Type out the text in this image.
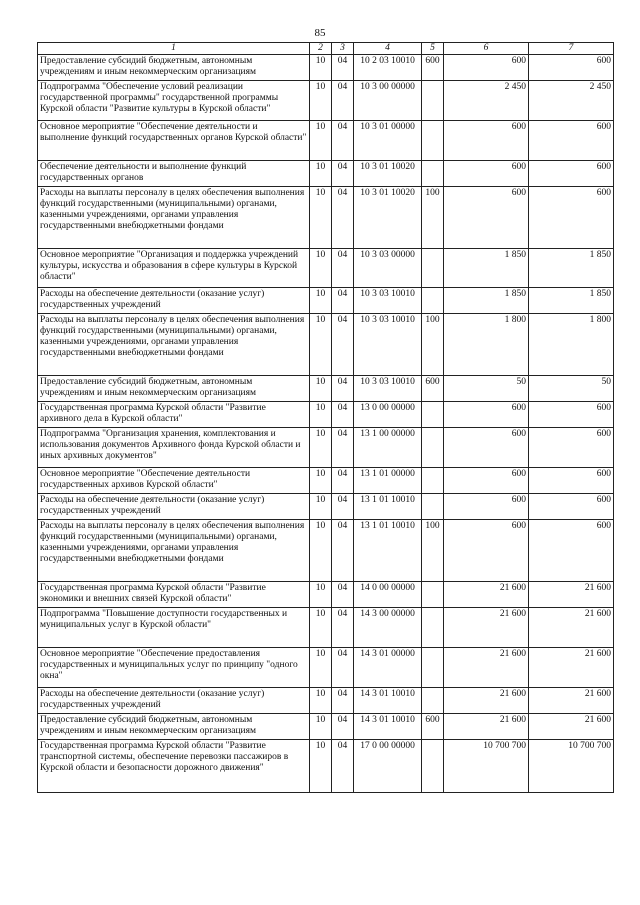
85
1	2	3	4	5	6	7
Предоставление субсидий бюджетным, автономным учреждениям и иным некоммерческим организациям	10	04	10 2 03 10010	600	600	600
Подпрограмма "Обеспечение условий реализации государственной программы" государственной программы Курской области "Развитие культуры в Курской области"	10	04	10 3 00 00000		2 450	2 450
Основное мероприятие "Обеспечение деятельности и выполнение функций государственных органов Курской области"	10	04	10 3 01 00000		600	600
Обеспечение деятельности и выполнение функций государственных органов	10	04	10 3 01 10020		600	600
Расходы на выплаты персоналу в целях обеспечения выполнения функций государственными (муниципальными) органами, казенными учреждениями, органами управления государственными внебюджетными фондами	10	04	10 3 01 10020	100	600	600
Основное мероприятие "Организация и поддержка учреждений культуры, искусства и образования в сфере культуры в Курской области"	10	04	10 3 03 00000		1 850	1 850
Расходы на обеспечение деятельности (оказание услуг) государственных учреждений	10	04	10 3 03 10010		1 850	1 850
Расходы на выплаты персоналу в целях обеспечения выполнения функций государственными (муниципальными) органами, казенными учреждениями, органами управления государственными внебюджетными фондами	10	04	10 3 03 10010	100	1 800	1 800
Предоставление субсидий бюджетным, автономным учреждениям и иным некоммерческим организациям	10	04	10 3 03 10010	600	50	50
Государственная программа Курской области "Развитие архивного дела в Курской области"	10	04	13 0 00 00000		600	600
Подпрограмма "Организация хранения, комплектования и использования документов Архивного фонда Курской области и иных архивных документов"	10	04	13 1 00 00000		600	600
Основное мероприятие "Обеспечение деятельности государственных архивов Курской области"	10	04	13 1 01 00000		600	600
Расходы на обеспечение деятельности (оказание услуг) государственных учреждений	10	04	13 1 01 10010		600	600
Расходы на выплаты персоналу в целях обеспечения выполнения функций государственными (муниципальными) органами, казенными учреждениями, органами управления государственными внебюджетными фондами	10	04	13 1 01 10010	100	600	600
Государственная программа Курской области "Развитие экономики и внешних связей Курской области"	10	04	14 0 00 00000		21 600	21 600
Подпрограмма "Повышение доступности государственных и муниципальных услуг в Курской области"	10	04	14 3 00 00000		21 600	21 600
Основное мероприятие "Обеспечение предоставления государственных и муниципальных услуг по принципу "одного окна"	10	04	14 3 01 00000		21 600	21 600
Расходы на обеспечение деятельности (оказание услуг) государственных учреждений	10	04	14 3 01 10010		21 600	21 600
Предоставление субсидий бюджетным, автономным учреждениям и иным некоммерческим организациям	10	04	14 3 01 10010	600	21 600	21 600
Государственная программа Курской области "Развитие транспортной системы, обеспечение перевозки пассажиров в Курской области и безопасности дорожного движения"	10	04	17 0 00 00000		10 700 700	10 700 700
